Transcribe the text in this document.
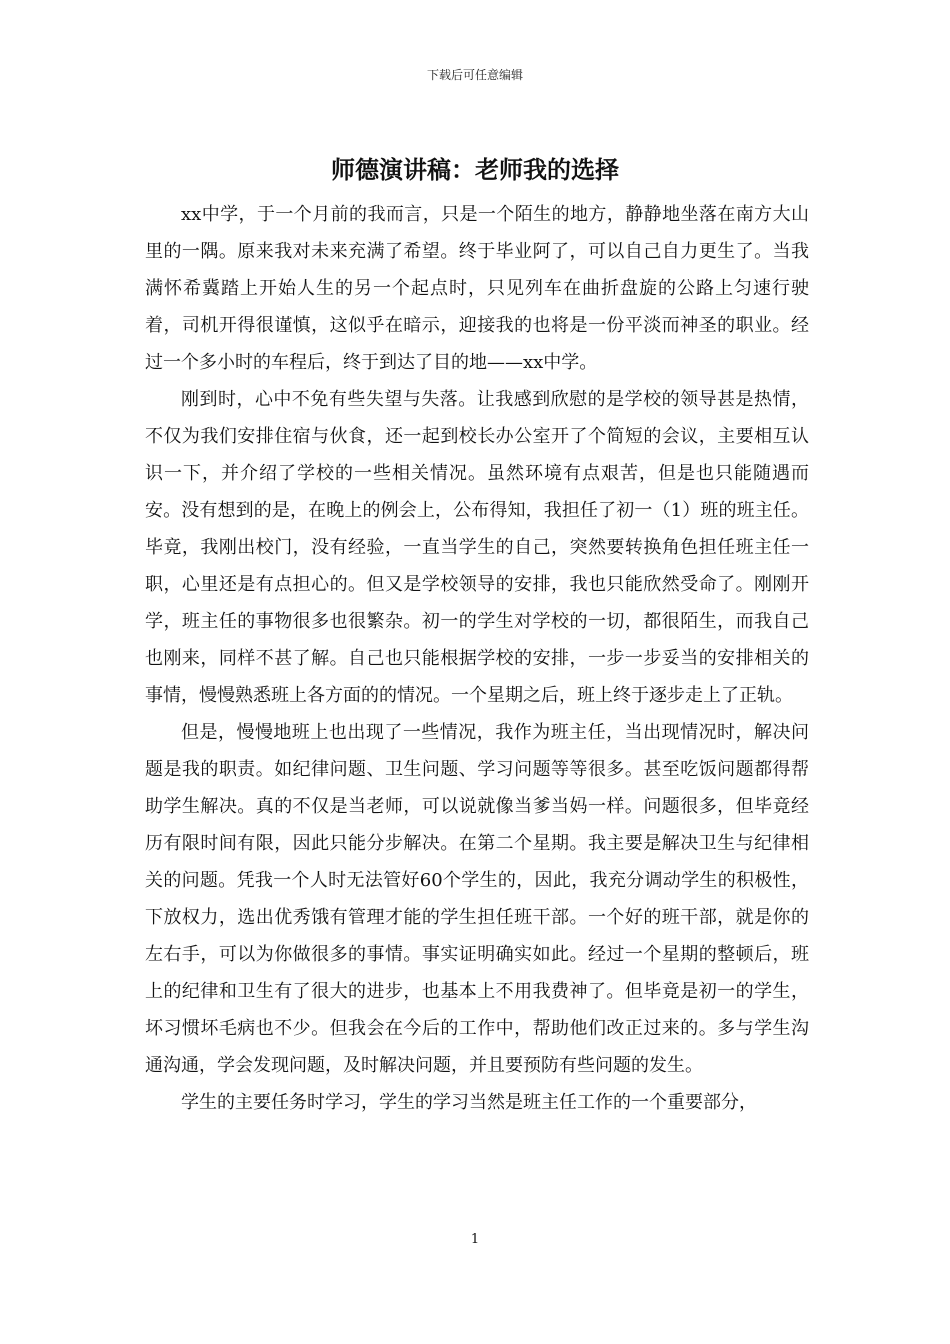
下载后可任意编辑
师德演讲稿：老师我的选择

xx中学，于一个月前的我而言，只是一个陌生的地方，静静地坐落在南方大山里的一隅。原来我对未来充满了希望。终于毕业阿了，可以自己自力更生了。当我满怀希冀踏上开始人生的另一个起点时，只见列车在曲折盘旋的公路上匀速行驶着，司机开得很谨慎，这似乎在暗示，迎接我的也将是一份平淡而神圣的职业。经过一个多小时的车程后，终于到达了目的地——xx中学。

刚到时，心中不免有些失望与失落。让我感到欣慰的是学校的领导甚是热情，不仅为我们安排住宿与伙食，还一起到校长办公室开了个简短的会议，主要相互认识一下，并介绍了学校的一些相关情况。虽然环境有点艰苦，但是也只能随遇而安。没有想到的是，在晚上的例会上，公布得知，我担任了初一（1）班的班主任。毕竟，我刚出校门，没有经验，一直当学生的自己，突然要转换角色担任班主任一职，心里还是有点担心的。但又是学校领导的安排，我也只能欣然受命了。刚刚开学，班主任的事物很多也很繁杂。初一的学生对学校的一切，都很陌生，而我自己也刚来，同样不甚了解。自己也只能根据学校的安排，一步一步妥当的安排相关的事情，慢慢熟悉班上各方面的的情况。一个星期之后，班上终于逐步走上了正轨。

但是，慢慢地班上也出现了一些情况，我作为班主任，当出现情况时，解决问题是我的职责。如纪律问题、卫生问题、学习问题等等很多。甚至吃饭问题都得帮助学生解决。真的不仅是当老师，可以说就像当爹当妈一样。问题很多，但毕竟经历有限时间有限，因此只能分步解决。在第二个星期。我主要是解决卫生与纪律相关的问题。凭我一个人时无法管好60个学生的，因此，我充分调动学生的积极性，下放权力，选出优秀饿有管理才能的学生担任班干部。一个好的班干部，就是你的左右手，可以为你做很多的事情。事实证明确实如此。经过一个星期的整顿后，班上的纪律和卫生有了很大的进步，也基本上不用我费神了。但毕竟是初一的学生，坏习惯坏毛病也不少。但我会在今后的工作中，帮助他们改正过来的。多与学生沟通沟通，学会发现问题，及时解决问题，并且要预防有些问题的发生。

学生的主要任务时学习，学生的学习当然是班主任工作的一个重要部分，

1
